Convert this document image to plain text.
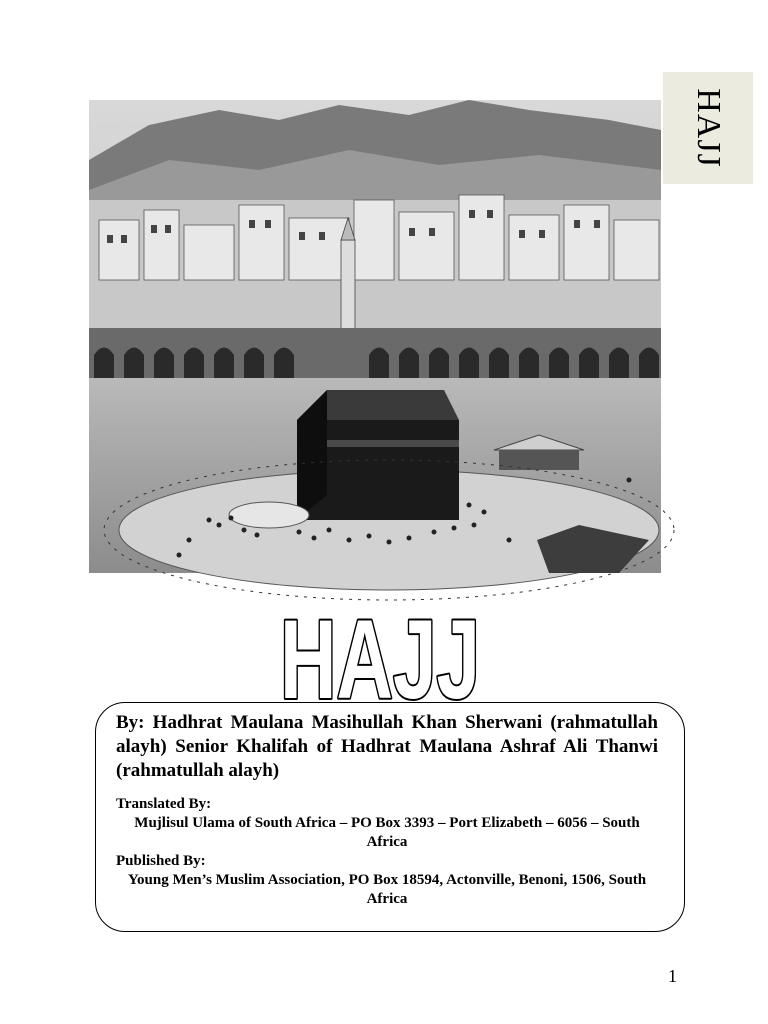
HAJJ
HAJJ

By: Hadhrat Maulana Masihullah Khan Sherwani (rahmatullah alayh) Senior Khalifah of Hadhrat Maulana Ashraf Ali Thanwi (rahmatullah alayh)

Translated By:

Mujlisul Ulama of South Africa – PO Box 3393 – Port Elizabeth – 6056 – South Africa

Published By:

Young Men’s Muslim Association, PO Box 18594, Actonville, Benoni, 1506, South Africa

1
